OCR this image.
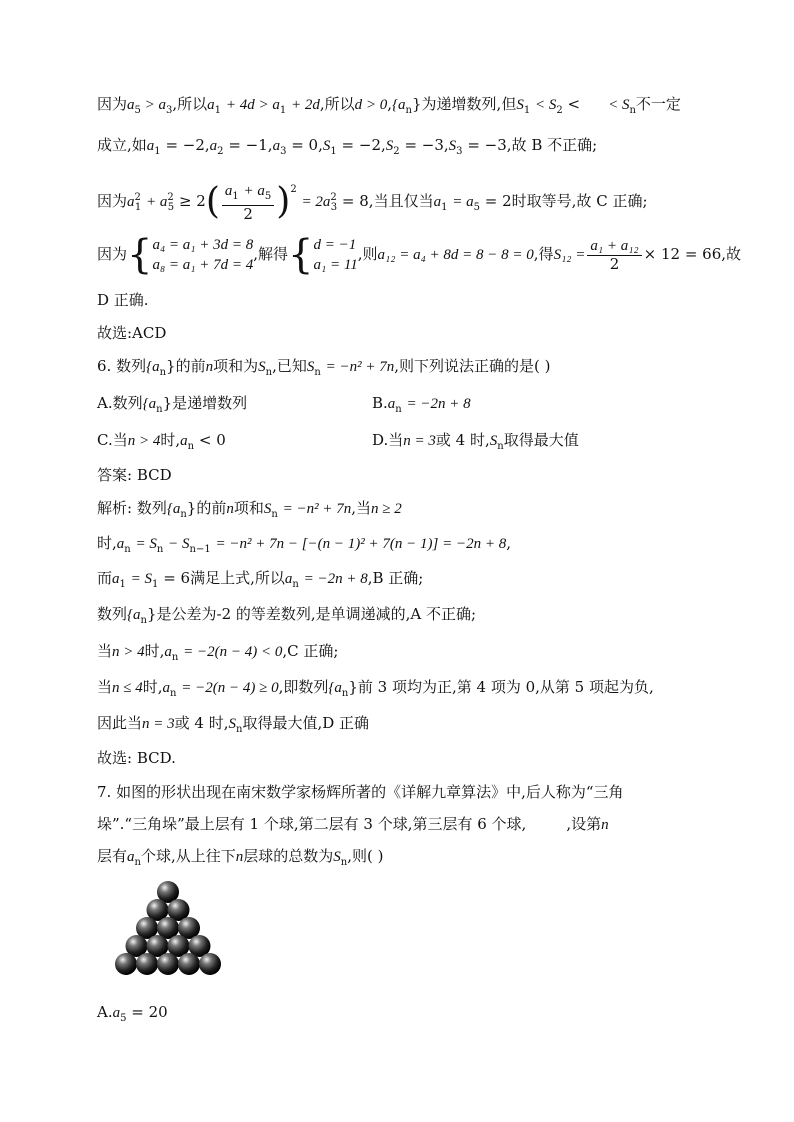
因为$a_5 > a_3$,所以$a_1 + 4d > a_1 + 2d$,所以$d > 0,\{a_n\}$为递增数列,但$S_1 < S_2$ < < $S_n$不一定
成立,如$a_1 = -2,a_2 = -1,a_3 = 0,S_1 = -2,S_2 = -3,S_3 = -3$,故 B 不正确;
因为$a^2_1 + a^2_5 \ge 2( \frac{a_1 + a_5}{2} )^2 = 2a^2_3 = 8$,当且仅当$a_1 = a_5 = 2$时取等号,故 C 正确;
因为{ a₄ = a₁ + 3d = 8
a₈ = a₁ + 7d = 4
,解得{ d = −1
a₁ = 11
,则a₁₂ = a₄ + 8d = 8 − 8 = 0,得$S_{12} = \frac{\text{a₁ + a₁₂}}{2} \times 12 = 66$,故
D 正确.
故选:ACD
6. 数列$\{a_n\}$的前n项和为$S_n$,已知$S_n = -n^2 + 7n$,则下列说法正确的是( )
A.数列$\{a_n\}$是递增数列	$B.a_n = -2n + 8$
C.当n > 4时$,a_n < 0$	D.当n = 3或 4 时$,S_n$取得最大值
答案: BCD
解析: 数列$\{a_n\}$的前n项和$S_n = -n^2 + 7n$,当n ≥ 2
时$,a_n = S_n - S_{n-1} = -n^2 + 7n - [-(n - 1)^2 + 7(n - 1)] = -2n + 8$,
而$a_1 = S_1 = 6$满足上式,所以$a_n = -2n + 8,B$ 正确;
数列$\{a_n\}$是公差为-2 的等差数列,是单调递减的,A 不正确;
当n > 4时$,a_n = -2(n - 4) < 0,C$ 正确;
当n ≤ 4时$,a_n = -2(n - 4) \ge 0$,即数列$\{a_n\}$前 3 项均为正,第 4 项为 0,从第 5 项起为负,
因此当n = 3或 4 时$,S_n$取得最大值,D 正确
故选: BCD.
7. 如图的形状出现在南宋数学家杨辉所著的《详解九章算法》中,后人称为“三角
垛”.“三角垛”最上层有 1 个球,第二层有 3 个球,第三层有 6 个球,	,设第n
层有$a_n$个球,从上往下n层球的总数为$S_n$,则( )
$A.a_5 = 20$
